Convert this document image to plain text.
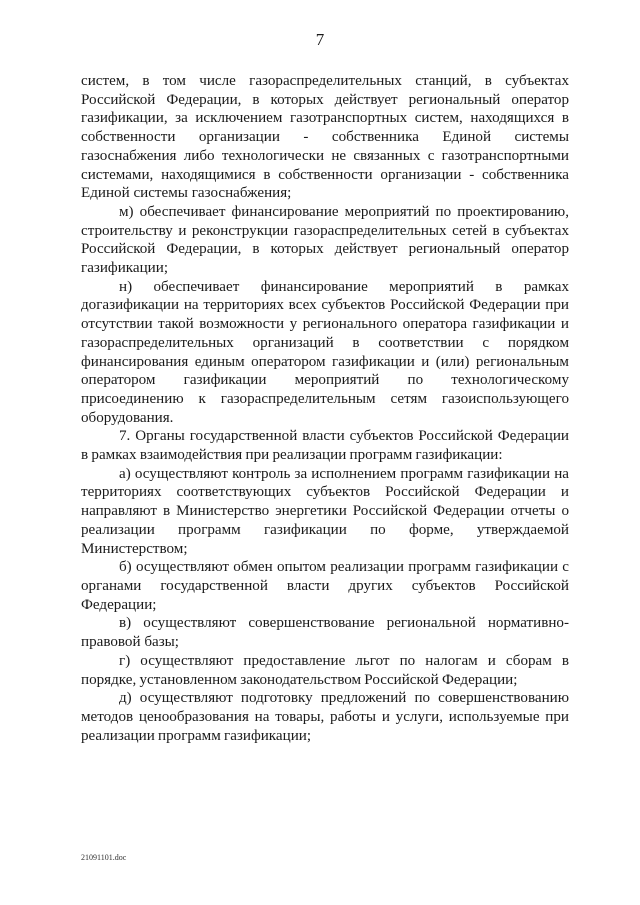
7

систем, в том числе газораспределительных станций, в субъектах Российской Федерации, в которых действует региональный оператор газификации, за исключением газотранспортных систем, находящихся в собственности организации - собственника Единой системы газоснабжения либо технологически не связанных с газотранспортными системами, находящимися в собственности организации - собственника Единой системы газоснабжения;

м) обеспечивает финансирование мероприятий по проектированию, строительству и реконструкции газораспределительных сетей в субъектах Российской Федерации, в которых действует региональный оператор газификации;

н) обеспечивает финансирование мероприятий в рамках догазификации на территориях всех субъектов Российской Федерации при отсутствии такой возможности у регионального оператора газификации и газораспределительных организаций в соответствии с порядком финансирования единым оператором газификации и (или) региональным оператором газификации мероприятий по технологическому присоединению к газораспределительным сетям газоиспользующего оборудования.

7. Органы государственной власти субъектов Российской Федерации в рамках взаимодействия при реализации программ газификации:

а) осуществляют контроль за исполнением программ газификации на территориях соответствующих субъектов Российской Федерации и направляют в Министерство энергетики Российской Федерации отчеты о реализации программ газификации по форме, утверждаемой Министерством;

б) осуществляют обмен опытом реализации программ газификации с органами государственной власти других субъектов Российской Федерации;

в) осуществляют совершенствование региональной нормативно-правовой базы;

г) осуществляют предоставление льгот по налогам и сборам в порядке, установленном законодательством Российской Федерации;

д) осуществляют подготовку предложений по совершенствованию методов ценообразования на товары, работы и услуги, используемые при реализации программ газификации;

21091101.doc
